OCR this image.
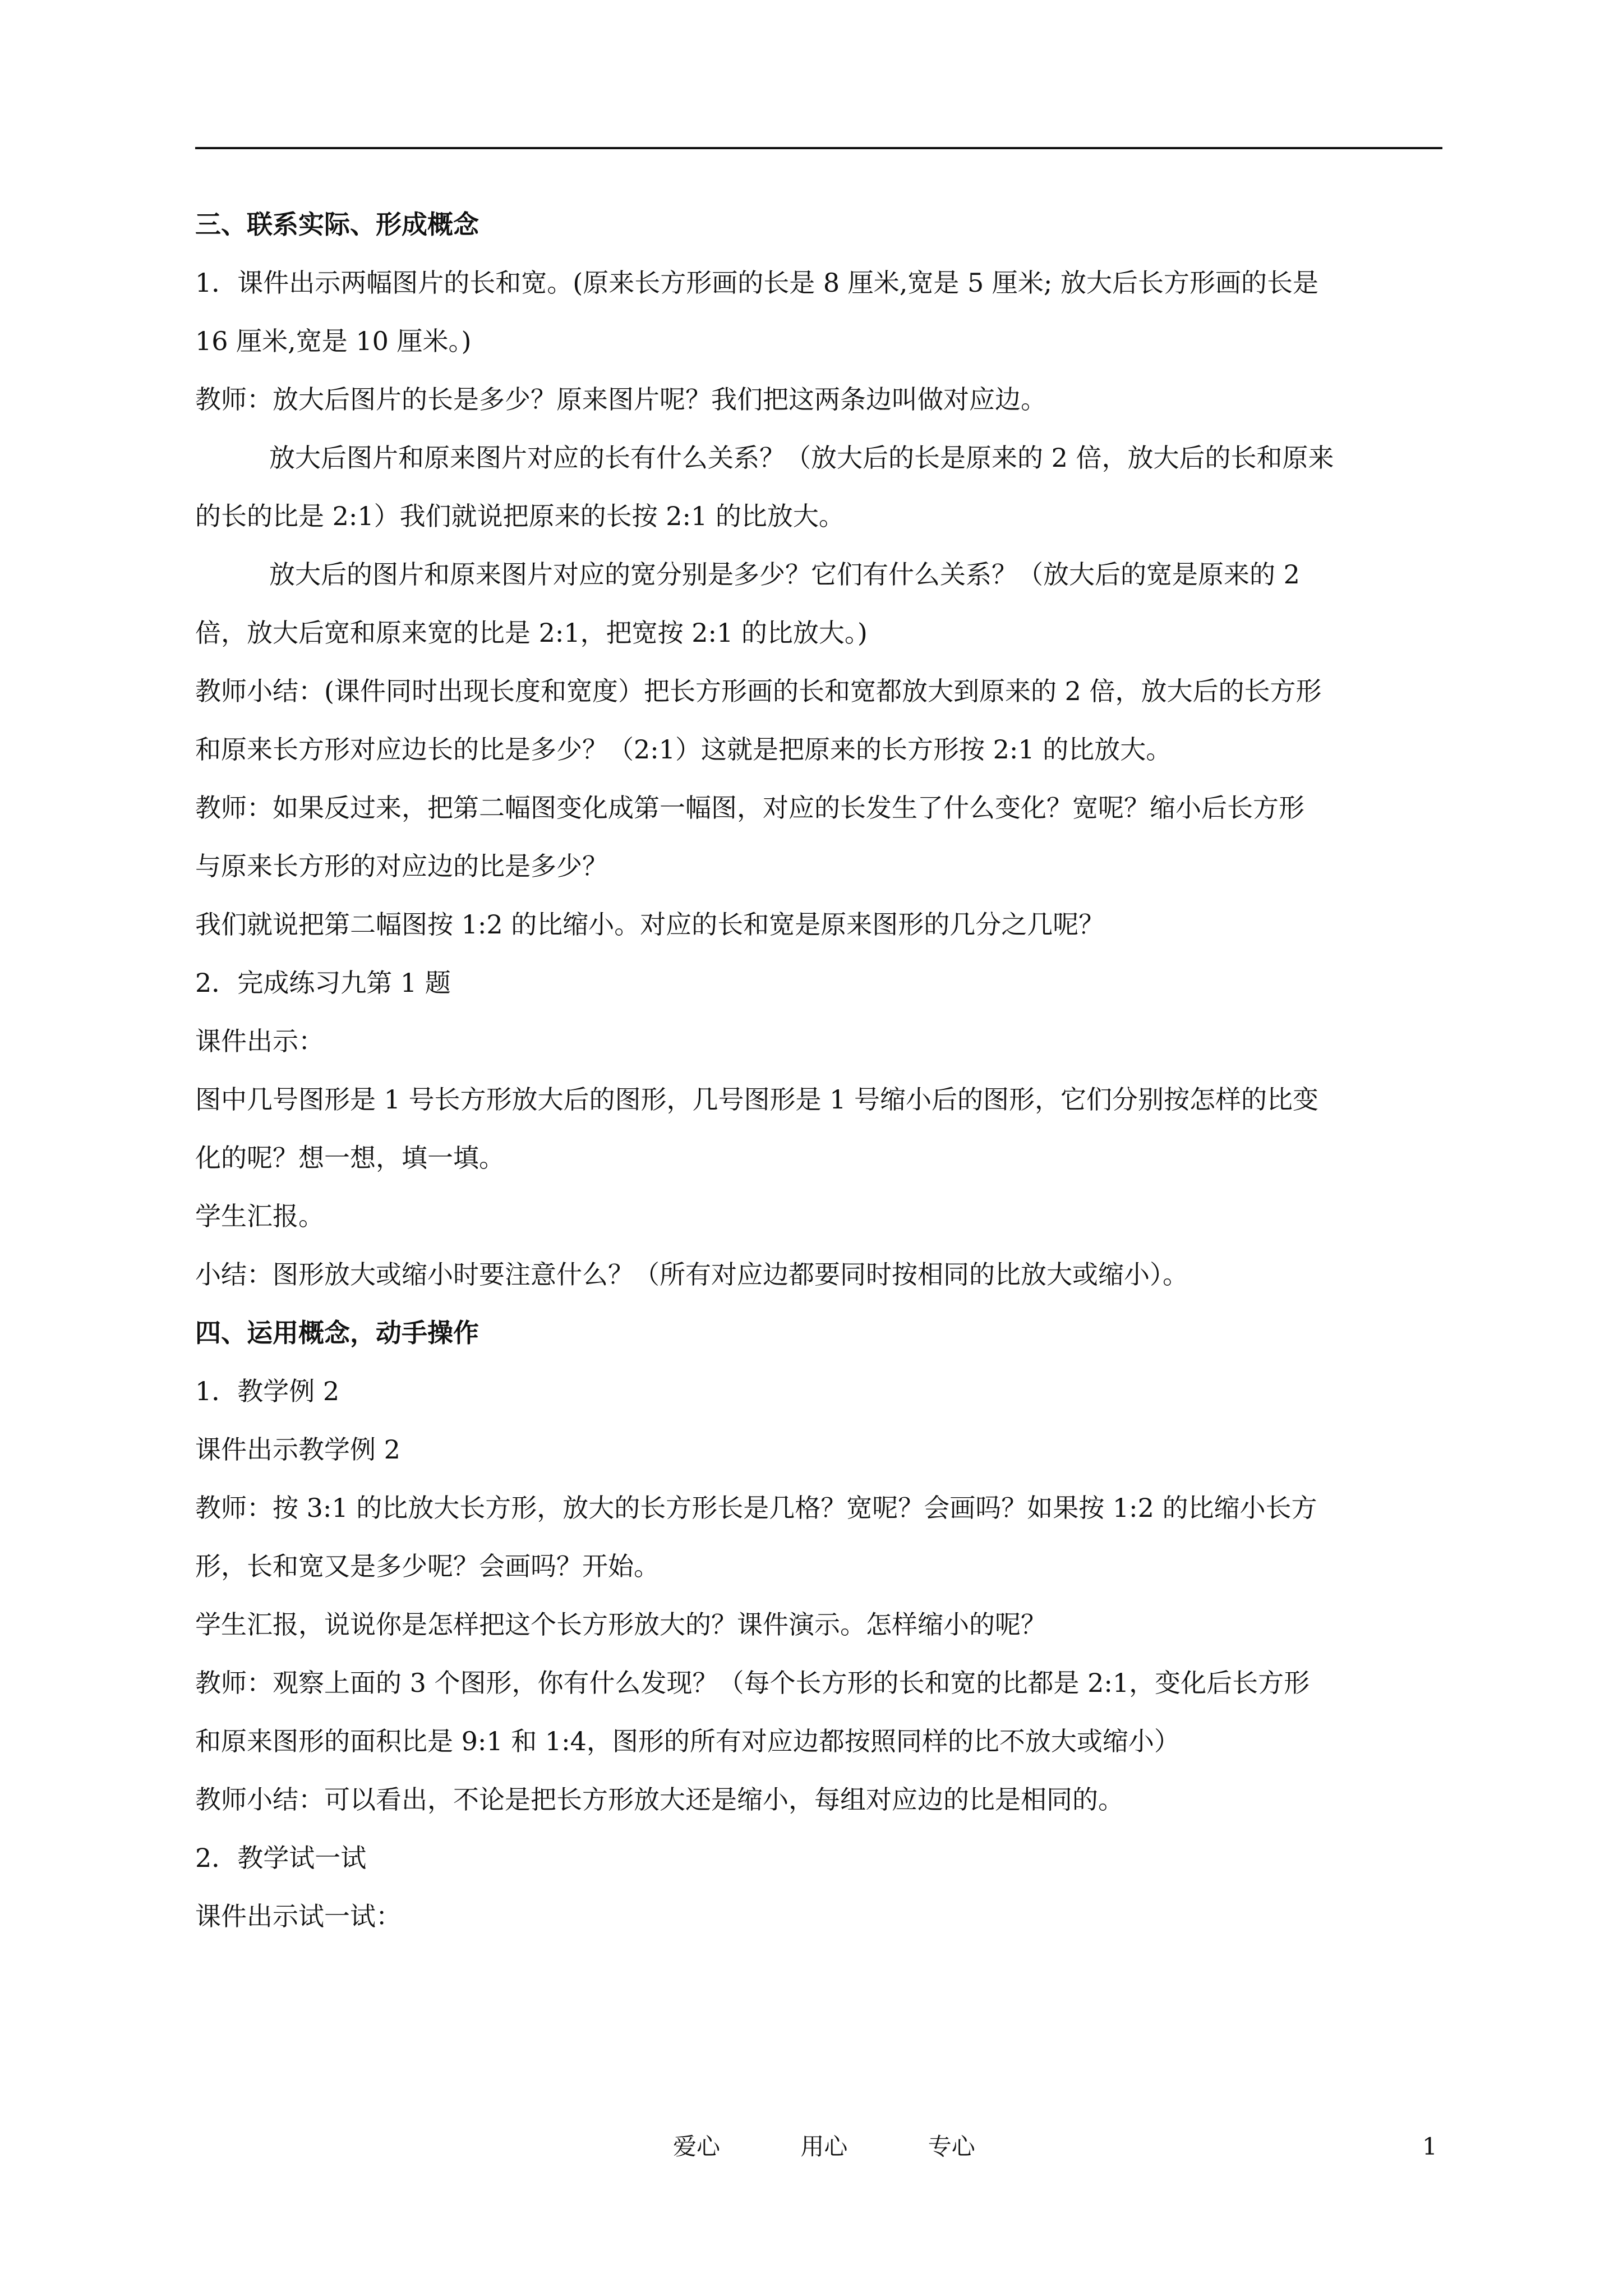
三、联系实际、形成概念
1．课件出示两幅图片的长和宽。(原来长方形画的长是 8 厘米,宽是 5 厘米; 放大后长方形画的长是
16 厘米,宽是 10 厘米。)
教师：放大后图片的长是多少？原来图片呢？我们把这两条边叫做对应边。
放大后图片和原来图片对应的长有什么关系？（放大后的长是原来的 2 倍，放大后的长和原来
的长的比是 2:1）我们就说把原来的长按 2:1 的比放大。
放大后的图片和原来图片对应的宽分别是多少？它们有什么关系？（放大后的宽是原来的 2
倍，放大后宽和原来宽的比是 2:1，把宽按 2:1 的比放大。)
教师小结：(课件同时出现长度和宽度）把长方形画的长和宽都放大到原来的 2 倍，放大后的长方形
和原来长方形对应边长的比是多少？（2:1）这就是把原来的长方形按 2:1 的比放大。
教师：如果反过来，把第二幅图变化成第一幅图，对应的长发生了什么变化？宽呢？缩小后长方形
与原来长方形的对应边的比是多少？
我们就说把第二幅图按 1:2 的比缩小。对应的长和宽是原来图形的几分之几呢？
2．完成练习九第 1 题
课件出示：
图中几号图形是 1 号长方形放大后的图形，几号图形是 1 号缩小后的图形，它们分别按怎样的比变
化的呢？想一想，填一填。
学生汇报。
小结：图形放大或缩小时要注意什么？（所有对应边都要同时按相同的比放大或缩小）。
四、运用概念，动手操作
1．教学例 2
课件出示教学例 2
教师：按 3:1 的比放大长方形，放大的长方形长是几格？宽呢？会画吗？如果按 1:2 的比缩小长方
形，长和宽又是多少呢？会画吗？开始。
学生汇报，说说你是怎样把这个长方形放大的？课件演示。怎样缩小的呢？
教师：观察上面的 3 个图形，你有什么发现？（每个长方形的长和宽的比都是 2:1，变化后长方形
和原来图形的面积比是 9:1 和 1:4，图形的所有对应边都按照同样的比不放大或缩小）
教师小结：可以看出，不论是把长方形放大还是缩小，每组对应边的比是相同的。
2．教学试一试
课件出示试一试：
爱心	用心	专心	1
